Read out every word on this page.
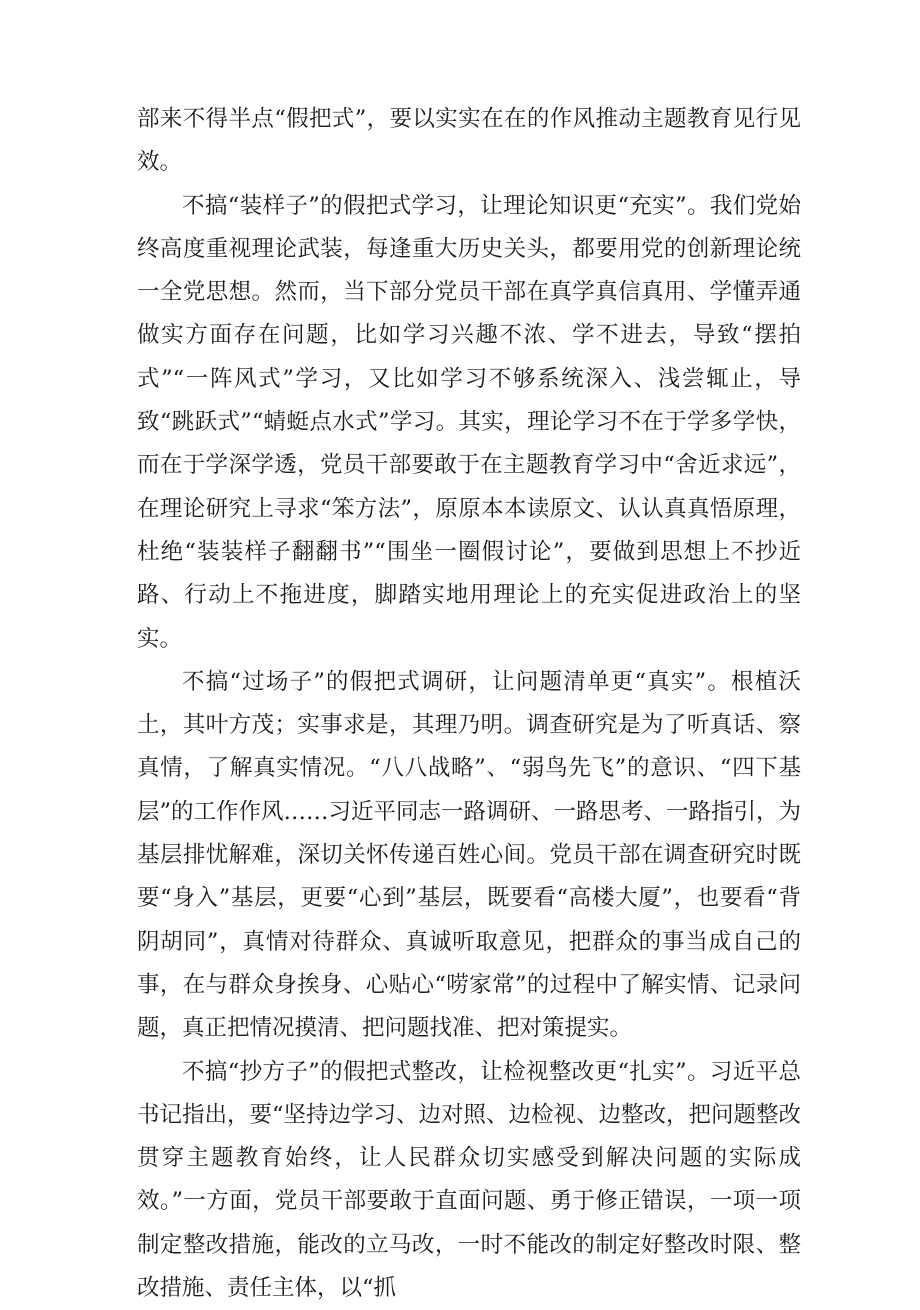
部来不得半点“假把式”，要以实实在在的作风推动主题教育见行见效。

不搞“装样子”的假把式学习，让理论知识更“充实”。我们党始终高度重视理论武装，每逢重大历史关头，都要用党的创新理论统一全党思想。然而，当下部分党员干部在真学真信真用、学懂弄通做实方面存在问题，比如学习兴趣不浓、学不进去，导致“摆拍式”“一阵风式”学习，又比如学习不够系统深入、浅尝辄止，导致“跳跃式”“蜻蜓点水式”学习。其实，理论学习不在于学多学快，而在于学深学透，党员干部要敢于在主题教育学习中“舍近求远”，在理论研究上寻求“笨方法”，原原本本读原文、认认真真悟原理，杜绝“装装样子翻翻书”“围坐一圈假讨论”，要做到思想上不抄近路、行动上不拖进度，脚踏实地用理论上的充实促进政治上的坚实。

不搞“过场子”的假把式调研，让问题清单更“真实”。根植沃土，其叶方茂；实事求是，其理乃明。调查研究是为了听真话、察真情，了解真实情况。“八八战略”、“弱鸟先飞”的意识、“四下基层”的工作作风……习近平同志一路调研、一路思考、一路指引，为基层排忧解难，深切关怀传递百姓心间。党员干部在调查研究时既要“身入”基层，更要“心到”基层，既要看“高楼大厦”，也要看“背阴胡同”，真情对待群众、真诚听取意见，把群众的事当成自己的事，在与群众身挨身、心贴心“唠家常”的过程中了解实情、记录问题，真正把情况摸清、把问题找准、把对策提实。

不搞“抄方子”的假把式整改，让检视整改更“扎实”。习近平总书记指出，要“坚持边学习、边对照、边检视、边整改，把问题整改贯穿主题教育始终，让人民群众切实感受到解决问题的实际成效。”一方面，党员干部要敢于直面问题、勇于修正错误，一项一项制定整改措施，能改的立马改，一时不能改的制定好整改时限、整改措施、责任主体，以“抓
